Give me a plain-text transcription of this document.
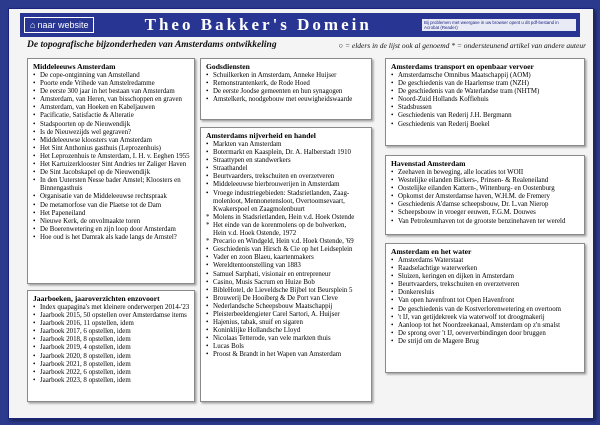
⌂ naar website	Theo Bakker's Domein	Bij problemen met weergave in uw browser opent u dit pdf-bestand in Acrobat (Reader)
De topografische bijzonderheden van Amsterdams ontwikkeling	○ = elders in de lijst ook al genoemd * = ondersteunend artikel van andere auteur
Middeleeuws Amsterdam
• De cope-ontginning van Amstelland
• Poorte ende Vrihede van Amstelredamme
• De eerste 300 jaar in het bestaan van Amsterdam
• Amsterdam, van Heren, van bisschoppen en graven
• Amsterdam, van Hoeken en Kabeljauwen
• Pacificatie, Satisfactie & Alteratie
• Stadspoorten op de Nieuwendijk
• Is de Nieuwezijds wel gegraven?
• Middeleeuwse kloosters van Amsterdam
• Het Sint Anthonius gasthuis (Leprozenhuis)
• Het Leprozenhuis te Amsterdam, I. H. v. Eeghen 1955
• Het Kartuizerklooster Sint Andries ter Zaliger Haven
• De Sint Jacobskapel op de Nieuwendijk
• In den Uutersten Nesse bader Amstel; Kloosters en
Binnengasthuis
• Organisatie van de Middeleeuwse rechtspraak
• De metamorfose van die Plaetse tot de Dam
• Het Papeneiland
• Nieuwe Kerk, de onvolmaakte toren
• De Boerenwetering en zijn loop door Amsterdam
• Hoe oud is het Damrak als kade langs de Amstel?
Jaarboeken, jaaroverzichten enzovoort
• Index quapagina's met kleinere onderwerpen 2014-'23
• Jaarboek 2015, 50 opstellen over Amsterdamse items
• Jaarboek 2016, 11 opstellen, idem
• Jaarboek 2017, 6 opstellen, idem
• Jaarboek 2018, 8 opstellen, idem
• Jaarboek 2019, 4 opstellen, idem
• Jaarboek 2020, 8 opstellen, idem
• Jaarboek 2021, 8 opstellen, idem
• Jaarboek 2022, 6 opstellen, idem
• Jaarboek 2023, 8 opstellen, idem
Godsdiensten
• Schuilkerken in Amsterdam, Anneke Huijser
• Remonstrantenkerk, de Rode Hoed
• De eerste Joodse gemeenten en hun synagogen
• Amstelkerk, noodgebouw met eeuwigheidswaarde
Amsterdams nijverheid en handel
• Markten van Amsterdam
• Botermarkt en Kaasplein, Dr. A. Halberstadt 1910
• Straattypen en standwerkers
• Straathandel
• Beurtvaarders, trekschuiten en overzetveren
• Middeleeuwse bierbrouwerijen in Amsterdam
• Vroege industriegebieden: Stadsrietlanden, Zaag-
molenloot, Mennonetensloot, Overtoomsevaart,
Kwakerspoel en Zaagmolenbuurt
* Molens in Stadsrietlanden, Hein v.d. Hoek Ostende
* Het einde van de korenmolens op de bolwerken,
Hein v.d. Hoek Ostende, 1972
* Precario en Windgeld, Hein v.d. Hoek Ostende, '69
• Geschiedenis van Hirsch & Cie op het Leidseplein
• Vader en zoon Blaeu, kaartenmakers
• Wereldtentoonstelling van 1883
• Samuel Sarphati, visionair en entrepreneur
• Casino, Musis Sacrum en Huize Bob
• BibleHotel, de Lieveldsche Bijbel tot Beursplein 5
• Brouwerij De Hooiberg & De Port van Cleve
• Nederlandsche Scheepsbouw Maatschappij
• Pleisterbeeldengieter Carel Sartori, A. Huijser
• Hajenius, tabak, snuif en sigaren
• Koninklijke Hollandsche Lloyd
• Nicolaas Tetterode, van vele markten thuis
• Lucas Bols
• Proost & Brandt in het Wapen van Amsterdam
Amsterdams transport en openbaar vervoer
• Amsterdamsche Omnibus Maatschappij (AOM)
• De geschiedenis van de Haarlemse tram (NZH)
• De geschiedenis van de Waterlandse tram (NHTM)
• Noord-Zuid Hollands Koffiehuis
• Stadsbussen
• Geschiedenis van Rederij J.H. Bergmann
• Geschiedenis van Rederij Boekel
Havenstad Amsterdam
• Zeehaven in beweging, alle locaties tot WOII
• Westelijke eilanden Bickers-, Prinsen- & Realeneiland
• Oostelijke eilanden Kattern-, Wittenburg- en Oostenburg
• Opkomst der Amsterdamse haven, W.H.M. de Fremery
• Geschiedenis A'damse scheepsbouw, Dr. L.van Nierop
• Scheepsbouw in vroeger eeuwen, F.G.M. Douwes
• Van Petroleumhaven tot de grootste benzinehaven ter wereld
Amsterdam en het water
• Amsterdams Waterstaat
• Raadselachtige waterwerken
• Sluizen, keringen en dijken in Amsterdam
• Beurtvaarders, trekschuiten en overzetveren
• Donkeresluis
• Van open havenfront tot Open Havenfront
• De geschiedenis van de Kostverlorenwetering en overtoom
• 't IJ, van getijdekreek via waterwolf tot droogmakerij
• Aanloop tot het Noordzeekanaal, Amsterdam op z'n smalst
• De sprong over 't IJ, oeververbindingen door bruggen
• De strijd om de Magere Brug
